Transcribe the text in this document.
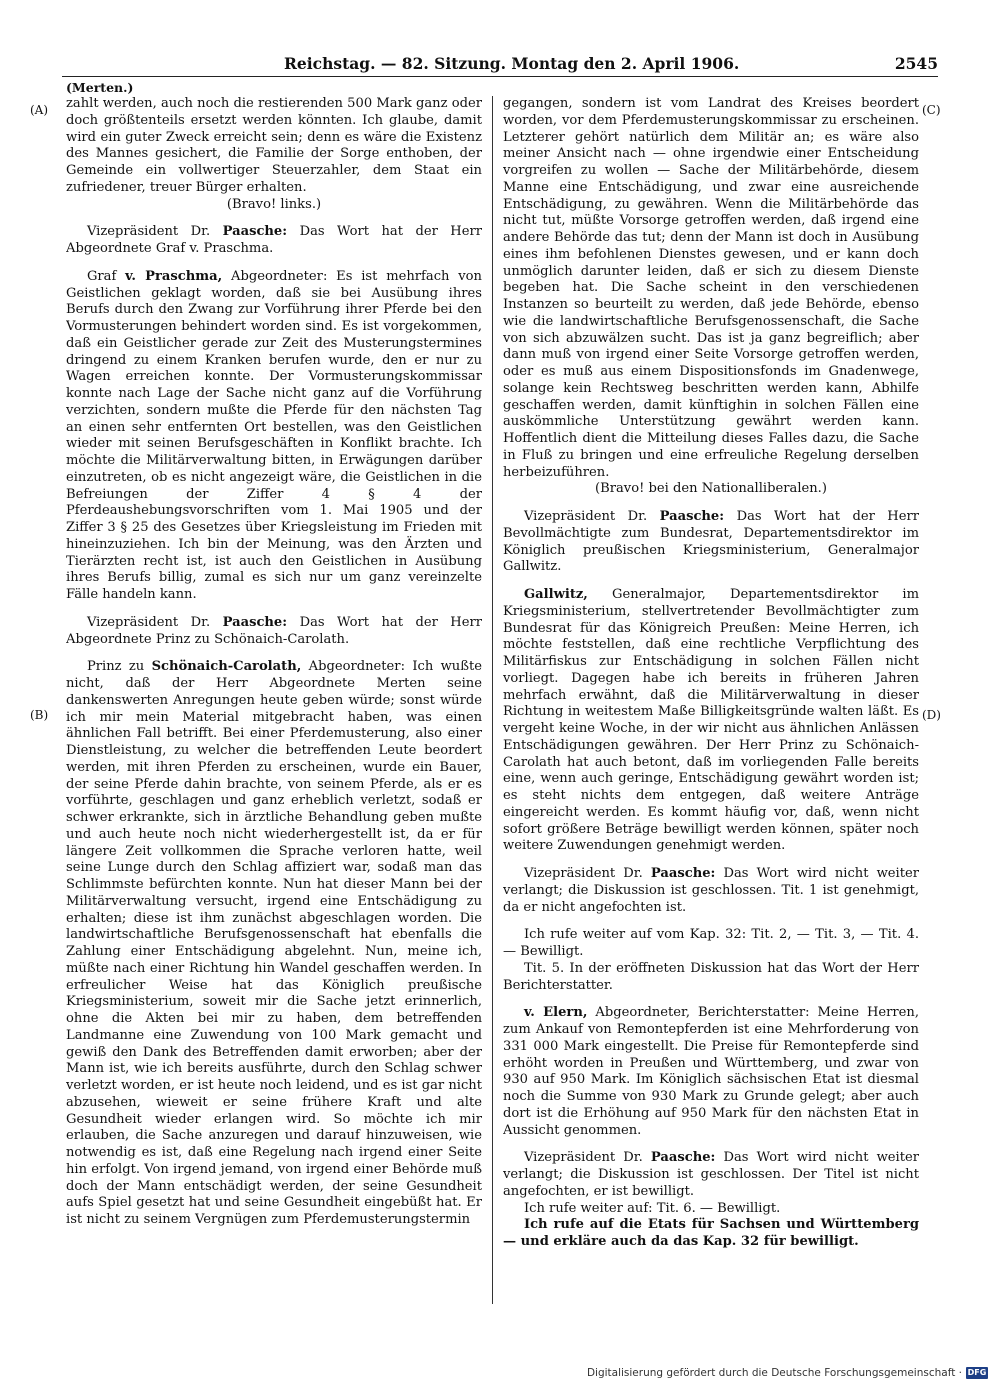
Reichstag. — 82. Sitzung. Montag den 2. April 1906.	2545
(Merten.)
(A)
(B)
(C)
(D)

zahlt werden, auch noch die restierenden 500 Mark ganz oder doch größtenteils ersetzt werden könnten. Ich glaube, damit wird ein guter Zweck erreicht sein; denn es wäre die Existenz des Mannes gesichert, die Familie der Sorge enthoben, der Gemeinde ein vollwertiger Steuerzahler, dem Staat ein zufriedener, treuer Bürger erhalten.

(Bravo! links.)

Vizepräsident Dr. Paasche: Das Wort hat der Herr Abgeordnete Graf v. Praschma.

Graf v. Praschma, Abgeordneter: Es ist mehrfach von Geistlichen geklagt worden, daß sie bei Ausübung ihres Berufs durch den Zwang zur Vorführung ihrer Pferde bei den Vormusterungen behindert worden sind. Es ist vorgekommen, daß ein Geistlicher gerade zur Zeit des Musterungstermines dringend zu einem Kranken berufen wurde, den er nur zu Wagen erreichen konnte. Der Vormusterungskommissar konnte nach Lage der Sache nicht ganz auf die Vorführung verzichten, sondern mußte die Pferde für den nächsten Tag an einen sehr entfernten Ort bestellen, was den Geistlichen wieder mit seinen Berufsgeschäften in Konflikt brachte. Ich möchte die Militärverwaltung bitten, in Erwägungen darüber einzutreten, ob es nicht angezeigt wäre, die Geistlichen in die Befreiungen der Ziffer 4 § 4 der Pferdeaushebungsvorschriften vom 1. Mai 1905 und der Ziffer 3 § 25 des Gesetzes über Kriegsleistung im Frieden mit hineinzuziehen. Ich bin der Meinung, was den Ärzten und Tierärzten recht ist, ist auch den Geistlichen in Ausübung ihres Berufs billig, zumal es sich nur um ganz vereinzelte Fälle handeln kann.

Vizepräsident Dr. Paasche: Das Wort hat der Herr Abgeordnete Prinz zu Schönaich-Carolath.

Prinz zu Schönaich-Carolath, Abgeordneter: Ich wußte nicht, daß der Herr Abgeordnete Merten seine dankenswerten Anregungen heute geben würde; sonst würde ich mir mein Material mitgebracht haben, was einen ähnlichen Fall betrifft. Bei einer Pferdemusterung, also einer Dienstleistung, zu welcher die betreffenden Leute beordert werden, mit ihren Pferden zu erscheinen, wurde ein Bauer, der seine Pferde dahin brachte, von seinem Pferde, als er es vorführte, geschlagen und ganz erheblich verletzt, sodaß er schwer erkrankte, sich in ärztliche Behandlung geben mußte und auch heute noch nicht wiederhergestellt ist, da er für längere Zeit vollkommen die Sprache verloren hatte, weil seine Lunge durch den Schlag affiziert war, sodaß man das Schlimmste befürchten konnte. Nun hat dieser Mann bei der Militärverwaltung versucht, irgend eine Entschädigung zu erhalten; diese ist ihm zunächst abgeschlagen worden. Die landwirtschaftliche Berufsgenossenschaft hat ebenfalls die Zahlung einer Entschädigung abgelehnt. Nun, meine ich, müßte nach einer Richtung hin Wandel geschaffen werden. In erfreulicher Weise hat das Königlich preußische Kriegsministerium, soweit mir die Sache jetzt erinnerlich, ohne die Akten bei mir zu haben, dem betreffenden Landmanne eine Zuwendung von 100 Mark gemacht und gewiß den Dank des Betreffenden damit erworben; aber der Mann ist, wie ich bereits ausführte, durch den Schlag schwer verletzt worden, er ist heute noch leidend, und es ist gar nicht abzusehen, wieweit er seine frühere Kraft und alte Gesundheit wieder erlangen wird. So möchte ich mir erlauben, die Sache anzuregen und darauf hinzuweisen, wie notwendig es ist, daß eine Regelung nach irgend einer Seite hin erfolgt. Von irgend jemand, von irgend einer Behörde muß doch der Mann entschädigt werden, der seine Gesundheit aufs Spiel gesetzt hat und seine Gesundheit eingebüßt hat. Er ist nicht zu seinem Vergnügen zum Pferdemusterungstermin

gegangen, sondern ist vom Landrat des Kreises beordert worden, vor dem Pferdemusterungskommissar zu erscheinen. Letzterer gehört natürlich dem Militär an; es wäre also meiner Ansicht nach — ohne irgendwie einer Entscheidung vorgreifen zu wollen — Sache der Militärbehörde, diesem Manne eine Entschädigung, und zwar eine ausreichende Entschädigung, zu gewähren. Wenn die Militärbehörde das nicht tut, müßte Vorsorge getroffen werden, daß irgend eine andere Behörde das tut; denn der Mann ist doch in Ausübung eines ihm befohlenen Dienstes gewesen, und er kann doch unmöglich darunter leiden, daß er sich zu diesem Dienste begeben hat. Die Sache scheint in den verschiedenen Instanzen so beurteilt zu werden, daß jede Behörde, ebenso wie die landwirtschaftliche Berufsgenossenschaft, die Sache von sich abzuwälzen sucht. Das ist ja ganz begreiflich; aber dann muß von irgend einer Seite Vorsorge getroffen werden, oder es muß aus einem Dispositionsfonds im Gnadenwege, solange kein Rechtsweg beschritten werden kann, Abhilfe geschaffen werden, damit künftighin in solchen Fällen eine auskömmliche Unterstützung gewährt werden kann. Hoffentlich dient die Mitteilung dieses Falles dazu, die Sache in Fluß zu bringen und eine erfreuliche Regelung derselben herbeizuführen.

(Bravo! bei den Nationalliberalen.)

Vizepräsident Dr. Paasche: Das Wort hat der Herr Bevollmächtigte zum Bundesrat, Departementsdirektor im Königlich preußischen Kriegsministerium, Generalmajor Gallwitz.

Gallwitz, Generalmajor, Departementsdirektor im Kriegsministerium, stellvertretender Bevollmächtigter zum Bundesrat für das Königreich Preußen: Meine Herren, ich möchte feststellen, daß eine rechtliche Verpflichtung des Militärfiskus zur Entschädigung in solchen Fällen nicht vorliegt. Dagegen habe ich bereits in früheren Jahren mehrfach erwähnt, daß die Militärverwaltung in dieser Richtung in weitestem Maße Billigkeitsgründe walten läßt. Es vergeht keine Woche, in der wir nicht aus ähnlichen Anlässen Entschädigungen gewähren. Der Herr Prinz zu Schönaich-Carolath hat auch betont, daß im vorliegenden Falle bereits eine, wenn auch geringe, Entschädigung gewährt worden ist; es steht nichts dem entgegen, daß weitere Anträge eingereicht werden. Es kommt häufig vor, daß, wenn nicht sofort größere Beträge bewilligt werden können, später noch weitere Zuwendungen genehmigt werden.

Vizepräsident Dr. Paasche: Das Wort wird nicht weiter verlangt; die Diskussion ist geschlossen. Tit. 1 ist genehmigt, da er nicht angefochten ist.

Ich rufe weiter auf vom Kap. 32: Tit. 2, — Tit. 3, — Tit. 4. — Bewilligt.

Tit. 5. In der eröffneten Diskussion hat das Wort der Herr Berichterstatter.

v. Elern, Abgeordneter, Berichterstatter: Meine Herren, zum Ankauf von Remontepferden ist eine Mehrforderung von 331 000 Mark eingestellt. Die Preise für Remontepferde sind erhöht worden in Preußen und Württemberg, und zwar von 930 auf 950 Mark. Im Königlich sächsischen Etat ist diesmal noch die Summe von 930 Mark zu Grunde gelegt; aber auch dort ist die Erhöhung auf 950 Mark für den nächsten Etat in Aussicht genommen.

Vizepräsident Dr. Paasche: Das Wort wird nicht weiter verlangt; die Diskussion ist geschlossen. Der Titel ist nicht angefochten, er ist bewilligt.

Ich rufe weiter auf: Tit. 6. — Bewilligt.

Ich rufe auf die Etats für Sachsen und Württemberg — und erkläre auch da das Kap. 32 für bewilligt.

Digitalisierung gefördert durch die Deutsche Forschungsgemeinschaft · DFG
